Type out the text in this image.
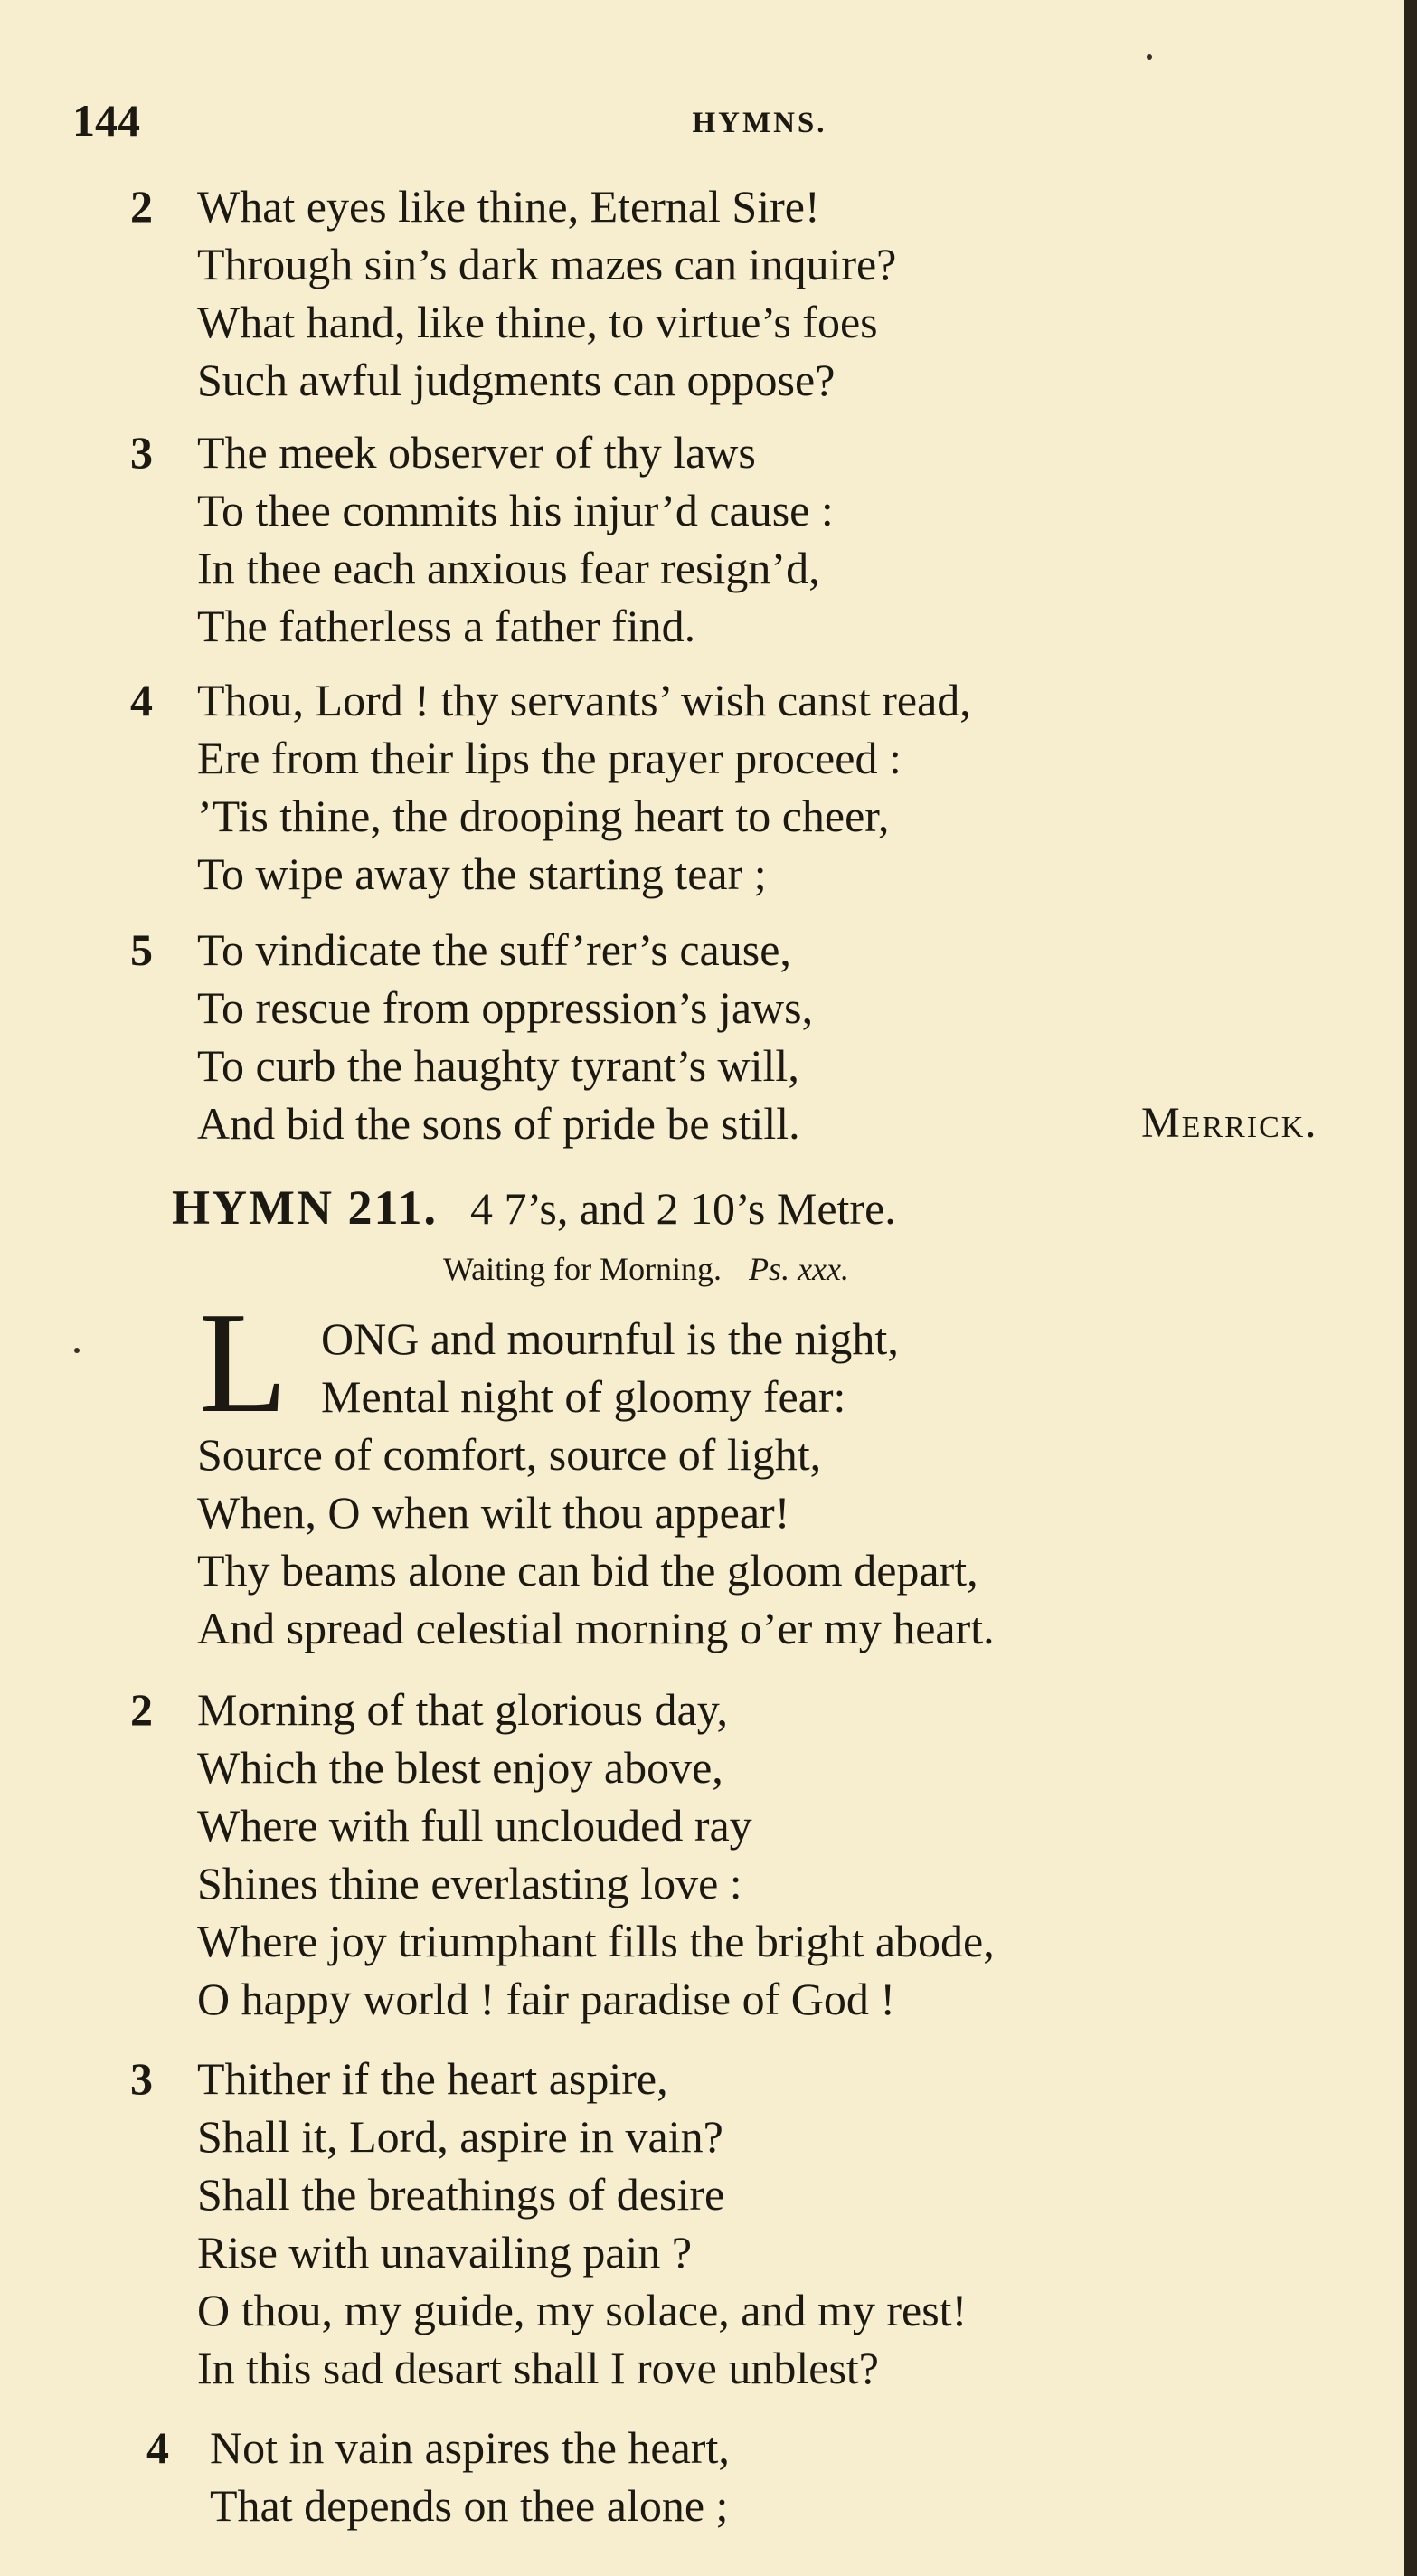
144	HYMNS.
2 What eyes like thine, Eternal Sire!
Through sin’s dark mazes can inquire?
What hand, like thine, to virtue’s foes
Such awful judgments can oppose?
3 The meek observer of thy laws
To thee commits his injur’d cause :
In thee each anxious fear resign’d,
The fatherless a father find.
4 Thou, Lord ! thy servants’ wish canst read,
Ere from their lips the prayer proceed :
’Tis thine, the drooping heart to cheer,
To wipe away the starting tear ;
5 To vindicate the suff’rer’s cause,
To rescue from oppression’s jaws,
To curb the haughty tyrant’s will,
And bid the sons of pride be still.	Merrick.
HYMN 211. 4 7’s, and 2 10’s Metre.
Waiting for Morning. Ps. xxx.
L ONG and mournful is the night,
Mental night of gloomy fear:
Source of comfort, source of light,
When, O when wilt thou appear!
Thy beams alone can bid the gloom depart,
And spread celestial morning o’er my heart.
2 Morning of that glorious day,
Which the blest enjoy above,
Where with full unclouded ray
Shines thine everlasting love :
Where joy triumphant fills the bright abode,
O happy world ! fair paradise of God !
3 Thither if the heart aspire,
Shall it, Lord, aspire in vain?
Shall the breathings of desire
Rise with unavailing pain ?
O thou, my guide, my solace, and my rest!
In this sad desart shall I rove unblest?
4 Not in vain aspires the heart,
That depends on thee alone ;
